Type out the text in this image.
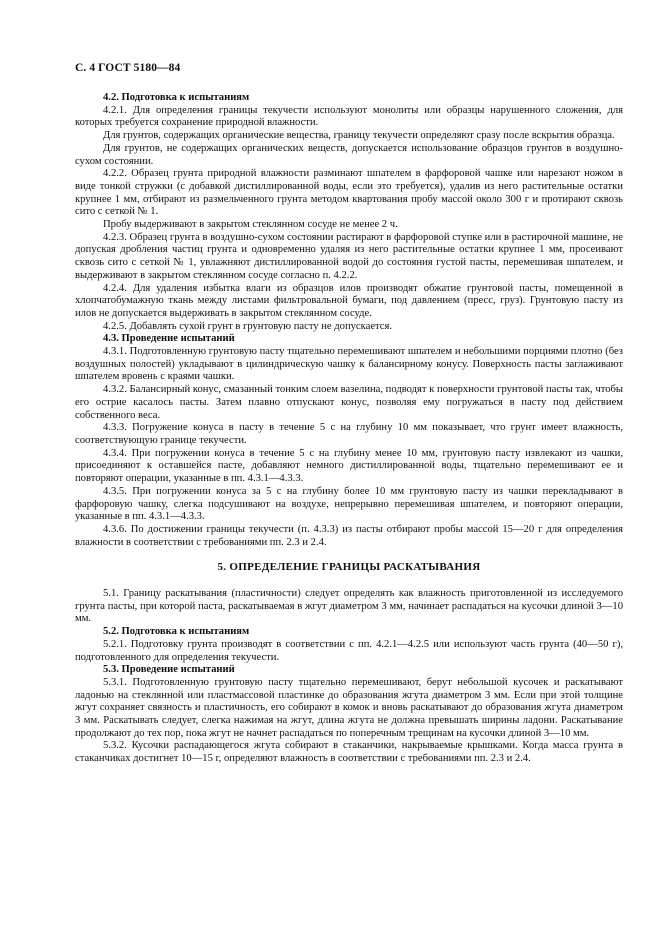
С. 4 ГОСТ 5180—84
4.2. Подготовка к испытаниям
4.2.1. Для определения границы текучести используют монолиты или образцы нарушенного сложения, для которых требуется сохранение природной влажности.
Для грунтов, содержащих органические вещества, границу текучести определяют сразу после вскрытия образца.
Для грунтов, не содержащих органических веществ, допускается использование образцов грунтов в воздушно-сухом состоянии.
4.2.2. Образец грунта природной влажности разминают шпателем в фарфоровой чашке или нарезают ножом в виде тонкой стружки (с добавкой дистиллированной воды, если это требуется), удалив из него растительные остатки крупнее 1 мм, отбирают из размельченного грунта методом квартования пробу массой около 300 г и протирают сквозь сито с сеткой № 1.
Пробу выдерживают в закрытом стеклянном сосуде не менее 2 ч.
4.2.3. Образец грунта в воздушно-сухом состоянии растирают в фарфоровой ступке или в растирочной машине, не допуская дробления частиц грунта и одновременно удаляя из него растительные остатки крупнее 1 мм, просеивают сквозь сито с сеткой № 1, увлажняют дистиллированной водой до состояния густой пасты, перемешивая шпателем, и выдерживают в закрытом стеклянном сосуде согласно п. 4.2.2.
4.2.4. Для удаления избытка влаги из образцов илов производят обжатие грунтовой пасты, помещенной в хлопчатобумажную ткань между листами фильтровальной бумаги, под давлением (пресс, груз). Грунтовую пасту из илов не допускается выдерживать в закрытом стеклянном сосуде.
4.2.5. Добавлять сухой грунт в грунтовую пасту не допускается.
4.3. Проведение испытаний
4.3.1. Подготовленную грунтовую пасту тщательно перемешивают шпателем и небольшими порциями плотно (без воздушных полостей) укладывают в цилиндрическую чашку к балансирному конусу. Поверхность пасты заглаживают шпателем вровень с краями чашки.
4.3.2. Балансирный конус, смазанный тонким слоем вазелина, подводят к поверхности грунтовой пасты так, чтобы его острие касалось пасты. Затем плавно отпускают конус, позволяя ему погружаться в пасту под действием собственного веса.
4.3.3. Погружение конуса в пасту в течение 5 с на глубину 10 мм показывает, что грунт имеет влажность, соответствующую границе текучести.
4.3.4. При погружении конуса в течение 5 с на глубину менее 10 мм, грунтовую пасту извлекают из чашки, присоединяют к оставшейся пасте, добавляют немного дистиллированной воды, тщательно перемешивают ее и повторяют операции, указанные в пп. 4.3.1—4.3.3.
4.3.5. При погружении конуса за 5 с на глубину более 10 мм грунтовую пасту из чашки перекладывают в фарфоровую чашку, слегка подсушивают на воздухе, непрерывно перемешивая шпателем, и повторяют операции, указанные в пп. 4.3.1—4.3.3.
4.3.6. По достижении границы текучести (п. 4.3.3) из пасты отбирают пробы массой 15—20 г для определения влажности в соответствии с требованиями пп. 2.3 и 2.4.
5. ОПРЕДЕЛЕНИЕ ГРАНИЦЫ РАСКАТЫВАНИЯ
5.1. Границу раскатывания (пластичности) следует определять как влажность приготовленной из исследуемого грунта пасты, при которой паста, раскатываемая в жгут диаметром 3 мм, начинает распадаться на кусочки длиной 3—10 мм.
5.2. Подготовка к испытаниям
5.2.1. Подготовку грунта производят в соответствии с пп. 4.2.1—4.2.5 или используют часть грунта (40—50 г), подготовленного для определения текучести.
5.3. Проведение испытаний
5.3.1. Подготовленную грунтовую пасту тщательно перемешивают, берут небольшой кусочек и раскатывают ладонью на стеклянной или пластмассовой пластинке до образования жгута диаметром 3 мм. Если при этой толщине жгут сохраняет связность и пластичность, его собирают в комок и вновь раскатывают до образования жгута диаметром 3 мм. Раскатывать следует, слегка нажимая на жгут, длина жгута не должна превышать ширины ладони. Раскатывание продолжают до тех пор, пока жгут не начнет распадаться по поперечным трещинам на кусочки длиной 3—10 мм.
5.3.2. Кусочки распадающегося жгута собирают в стаканчики, накрываемые крышками. Когда масса грунта в стаканчиках достигнет 10—15 г, определяют влажность в соответствии с требованиями пп. 2.3 и 2.4.
